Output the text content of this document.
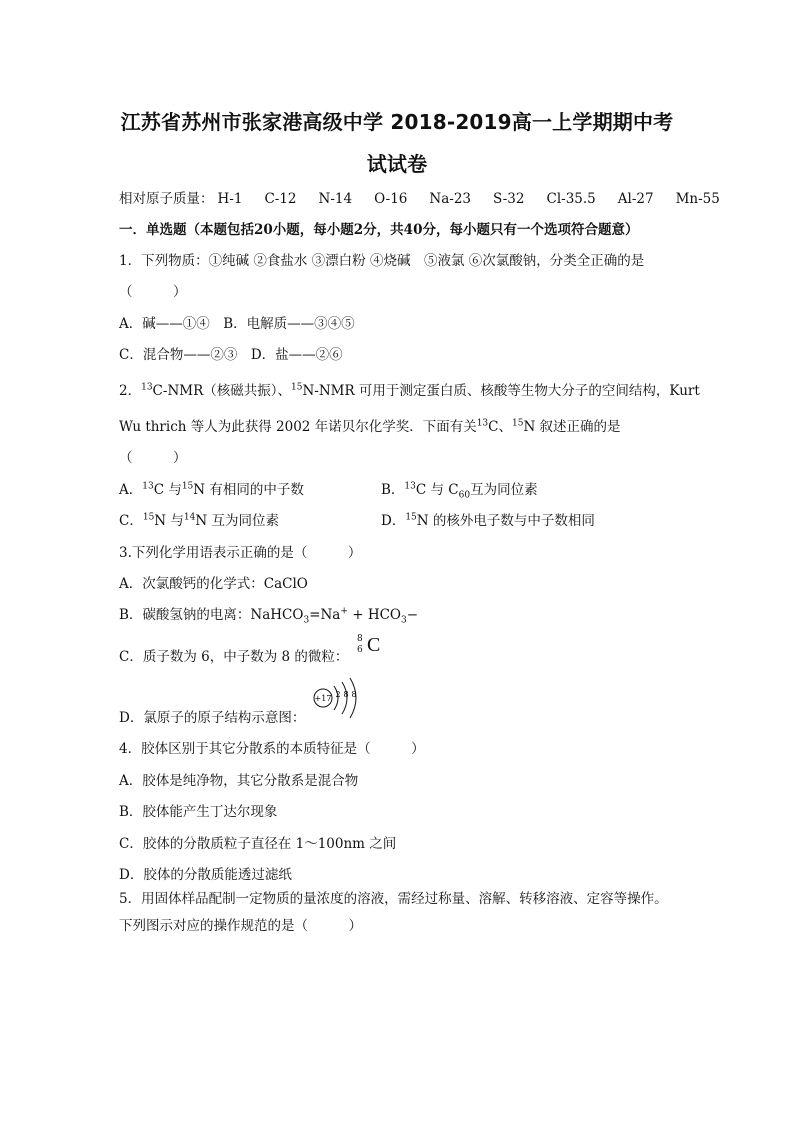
江苏省苏州市张家港高级中学 2018-2019高一上学期期中考
试试卷
相对原子质量： H-1 C-12 N-14 O-16 Na-23 S-32 Cl-35.5 Al-27 Mn-55
一．单选题（本题包括20小题，每小题2分，共40分，每小题只有一个选项符合题意）
1．下列物质：①纯碱 ②食盐水 ③漂白粉 ④烧碱　⑤液氯 ⑥次氯酸钠，分类全正确的是
（　　　）
A．碱——①④　B．电解质——③④⑤
C．混合物——②③　D．盐——②⑥
2．$^{13}$C-NMR（核磁共振）、$^{15}$N-NMR 可用于测定蛋白质、核酸等生物大分子的空间结构，Kurt
Wu thrich 等人为此获得 2002 年诺贝尔化学奖．下面有关$^{13}$C、$^{15}$N 叙述正确的是
（　　　）
A．$^{13}$C 与$^{15}$N 有相同的中子数	B．$^{13}$C 与 $C_{60}$互为同位素
C．$^{15}$N 与$^{14}$N 互为同位素	D．$^{15}$N 的核外电子数与中子数相同
3.下列化学用语表示正确的是（　　　）
A．次氯酸钙的化学式：CaClO
B．碳酸氢钠的电离：NaHCO$_3$=Na+ + $HCO_3-$
C．质子数为 6，中子数为 8 的微粒：
8
6 C
D．氯原子的原子结构示意图：
+17 2 8 8
4．胶体区别于其它分散系的本质特征是（　　　）
A．胶体是纯净物，其它分散系是混合物
B．胶体能产生丁达尔现象
C．胶体的分散质粒子直径在 1～100nm 之间
D．胶体的分散质能透过滤纸
5．用固体样品配制一定物质的量浓度的溶液，需经过称量、溶解、转移溶液、定容等操作。
下列图示对应的操作规范的是（　　　）
